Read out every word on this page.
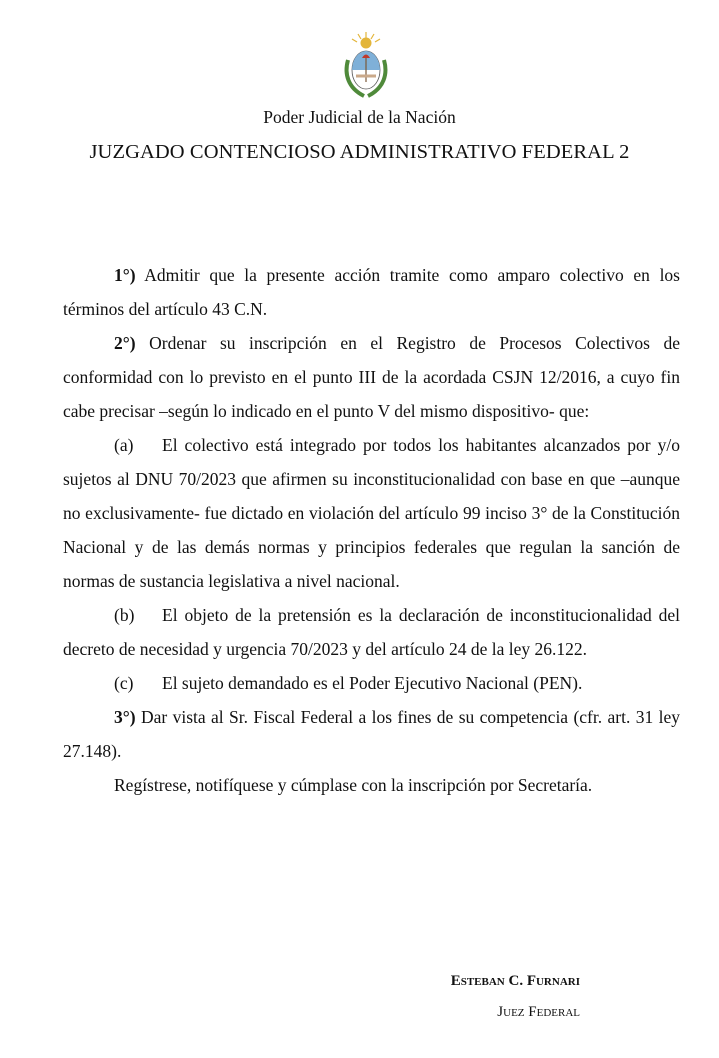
Poder Judicial de la Nación
JUZGADO CONTENCIOSO ADMINISTRATIVO FEDERAL 2

1°) Admitir que la presente acción tramite como amparo colectivo en los términos del artículo 43 C.N.

2°) Ordenar su inscripción en el Registro de Procesos Colectivos de conformidad con lo previsto en el punto III de la acordada CSJN 12/2016, a cuyo fin cabe precisar –según lo indicado en el punto V del mismo dispositivo- que:

(a) El colectivo está integrado por todos los habitantes alcanzados por y/o sujetos al DNU 70/2023 que afirmen su inconstitucionalidad con base en que –aunque no exclusivamente- fue dictado en violación del artículo 99 inciso 3° de la Constitución Nacional y de las demás normas y principios federales que regulan la sanción de normas de sustancia legislativa a nivel nacional.

(b) El objeto de la pretensión es la declaración de inconstitucionalidad del decreto de necesidad y urgencia 70/2023 y del artículo 24 de la ley 26.122.

(c) El sujeto demandado es el Poder Ejecutivo Nacional (PEN).

3°) Dar vista al Sr. Fiscal Federal a los fines de su competencia (cfr. art. 31 ley 27.148).

Regístrese, notifíquese y cúmplase con la inscripción por Secretaría.

Esteban C. Furnari
Juez Federal
